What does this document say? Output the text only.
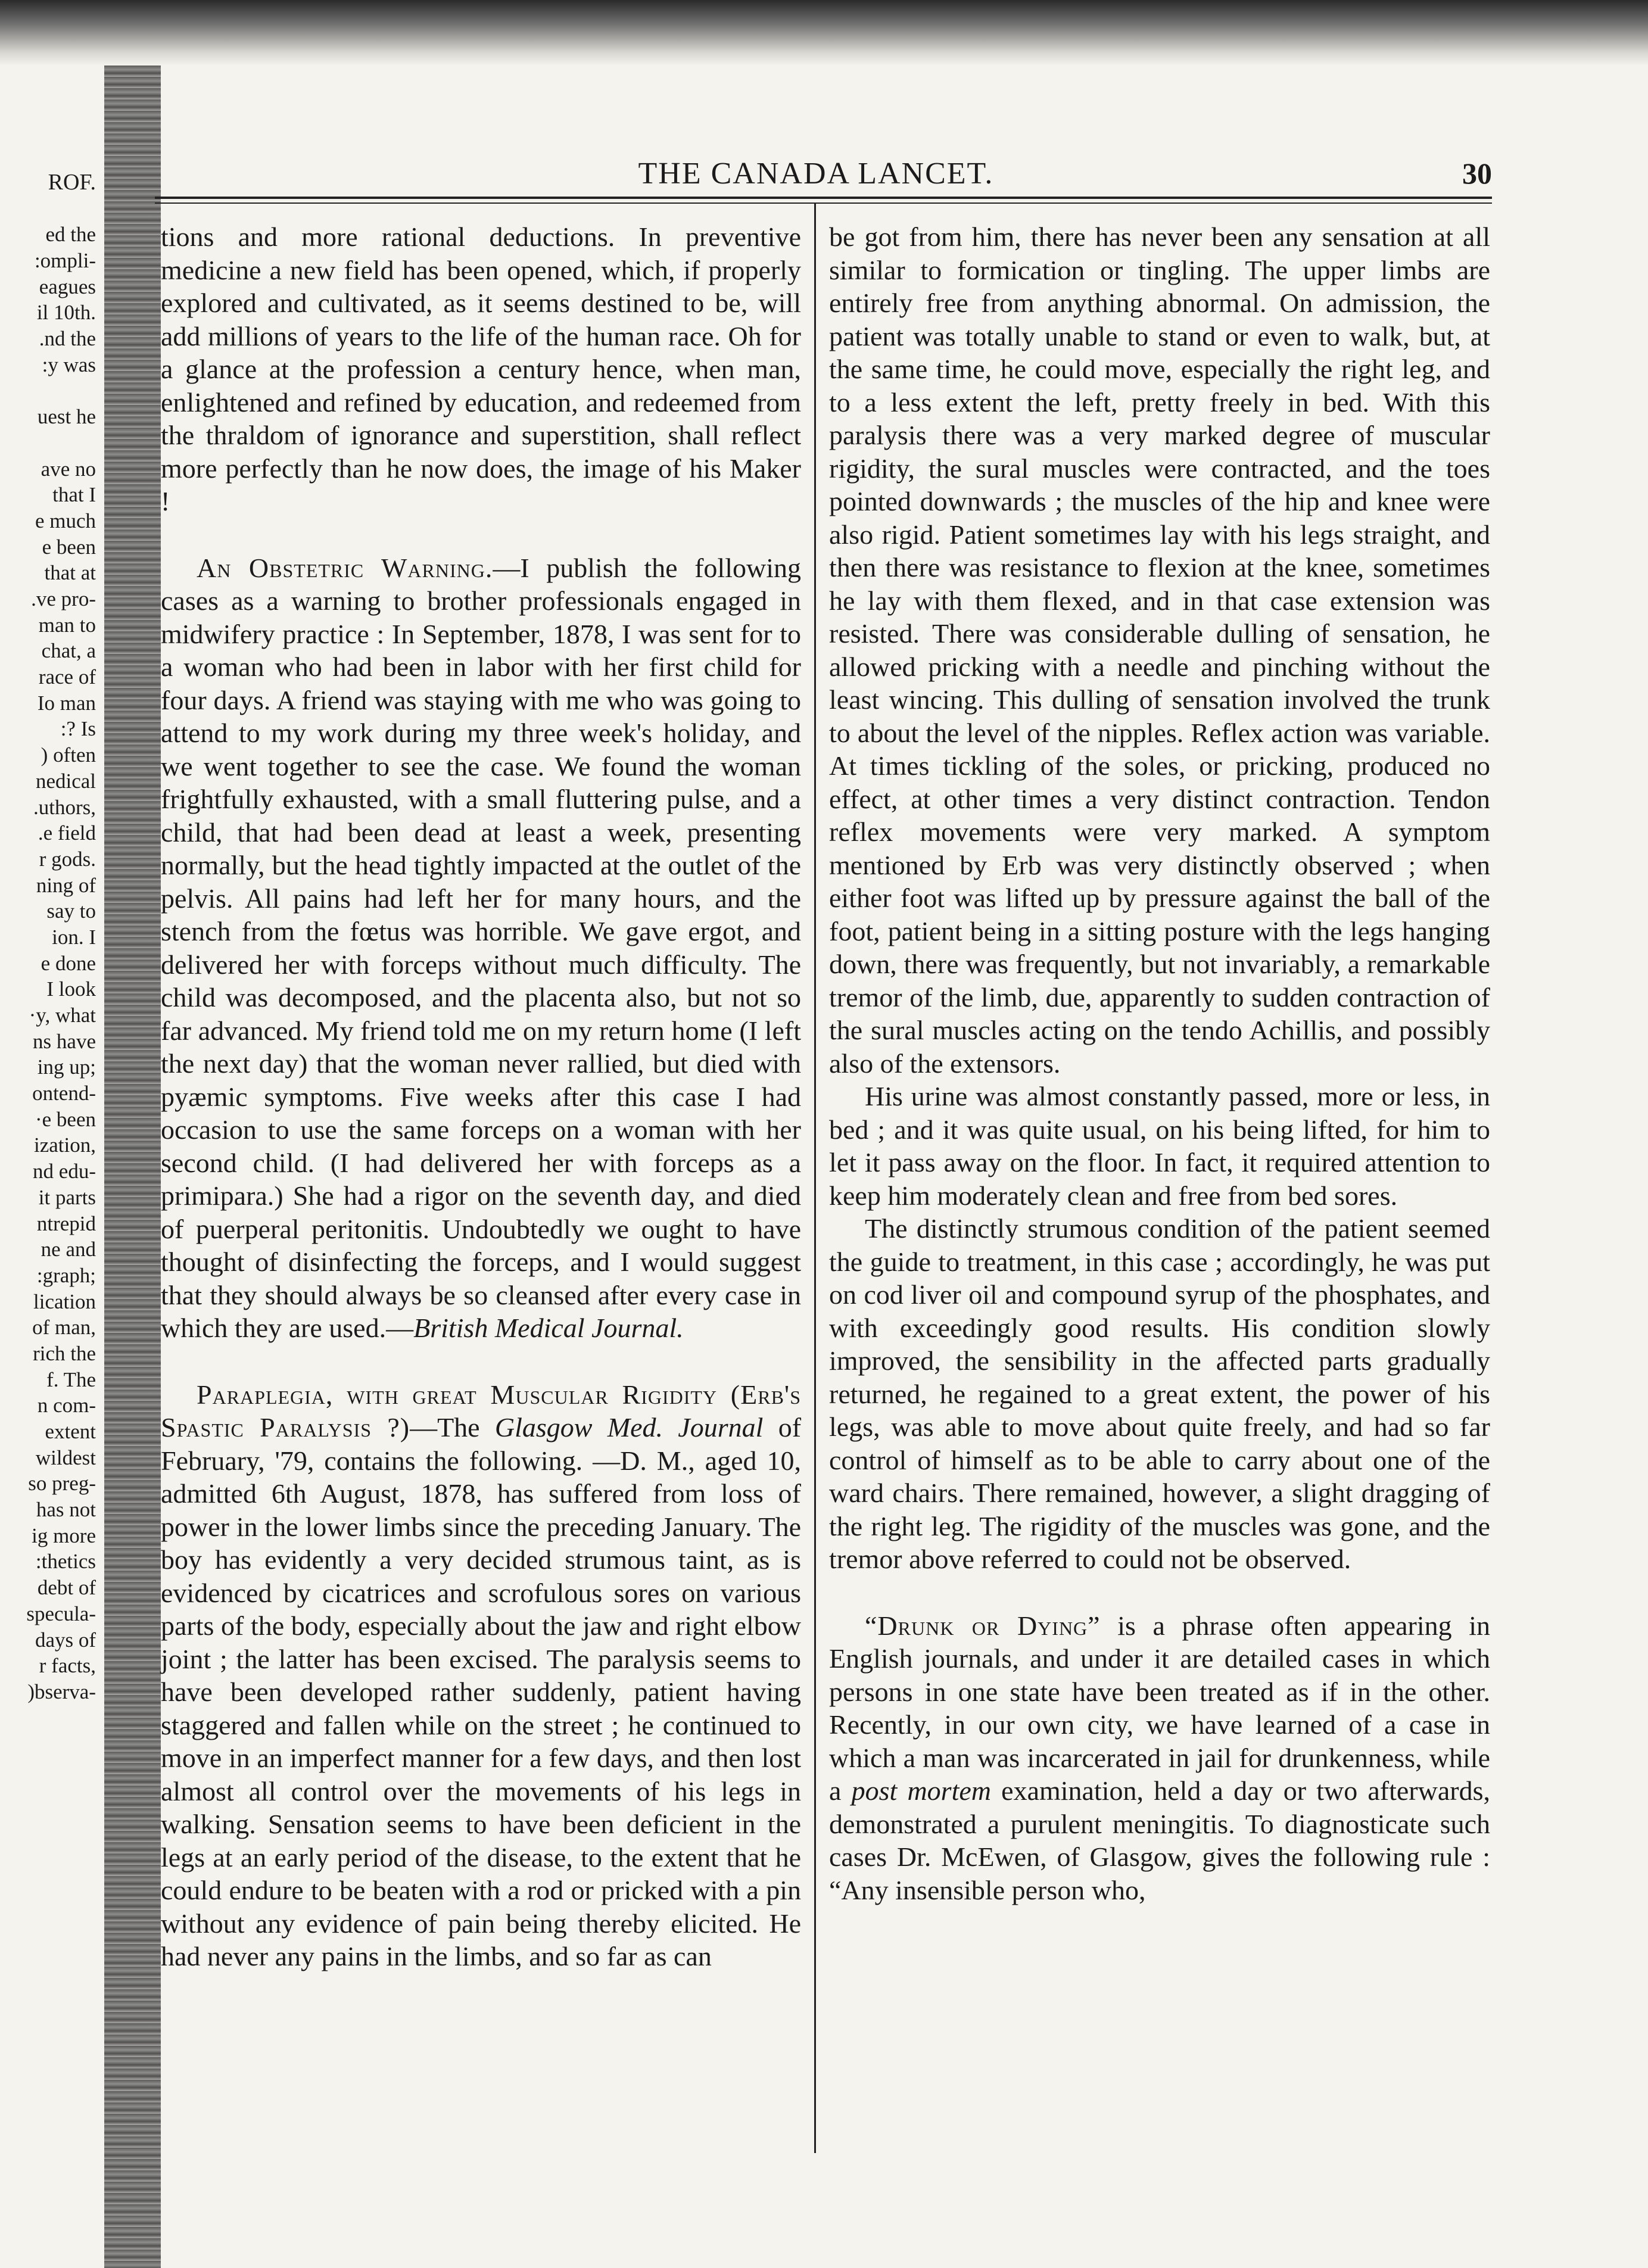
ROF.
ed the
:ompli-
eagues
il 10th.
.nd the
:y was
uest he
ave no
that I
e much
e been
that at
.ve pro-
man to
chat, a
race of
Io man
:? Is
) often
nedical
.uthors,
.e field
r gods.
ning of
say to
ion. I
e done
I look
·y, what
ns have
ing up;
ontend-
·e been
ization,
nd edu-
it parts
ntrepid
ne and
:graph;
lication
of man,
rich the
f. The
n com-
extent
wildest
so preg-
has not
ig more
:thetics
debt of
specula-
days of
r facts,
)bserva-
THE CANADA LANCET.	30

tions and more rational deductions. In preventive medicine a new field has been opened, which, if properly explored and cultivated, as it seems destined to be, will add millions of years to the life of the human race. Oh for a glance at the profession a century hence, when man, enlightened and refined by education, and redeemed from the thraldom of ignorance and superstition, shall reflect more perfectly than he now does, the image of his Maker !

An Obstetric Warning.—I publish the following cases as a warning to brother professionals engaged in midwifery practice : In September, 1878, I was sent for to a woman who had been in labor with her first child for four days. A friend was staying with me who was going to attend to my work during my three week's holiday, and we went together to see the case. We found the woman frightfully exhausted, with a small fluttering pulse, and a child, that had been dead at least a week, presenting normally, but the head tightly impacted at the outlet of the pelvis. All pains had left her for many hours, and the stench from the fœtus was horrible. We gave ergot, and delivered her with forceps without much difficulty. The child was decomposed, and the placenta also, but not so far advanced. My friend told me on my return home (I left the next day) that the woman never rallied, but died with pyæmic symptoms. Five weeks after this case I had occasion to use the same forceps on a woman with her second child. (I had delivered her with forceps as a primipara.) She had a rigor on the seventh day, and died of puerperal peritonitis. Undoubtedly we ought to have thought of disinfecting the forceps, and I would suggest that they should always be so cleansed after every case in which they are used.—British Medical Journal.

Paraplegia, with great Muscular Rigidity (Erb's Spastic Paralysis ?)—The Glasgow Med. Journal of February, '79, contains the following. —D. M., aged 10, admitted 6th August, 1878, has suffered from loss of power in the lower limbs since the preceding January. The boy has evidently a very decided strumous taint, as is evidenced by cicatrices and scrofulous sores on various parts of the body, especially about the jaw and right elbow joint ; the latter has been excised. The paralysis seems to have been developed rather suddenly, patient having staggered and fallen while on the street ; he continued to move in an imperfect manner for a few days, and then lost almost all control over the movements of his legs in walking. Sensation seems to have been deficient in the legs at an early period of the disease, to the extent that he could endure to be beaten with a rod or pricked with a pin without any evidence of pain being thereby elicited. He had never any pains in the limbs, and so far as can

be got from him, there has never been any sensation at all similar to formication or tingling. The upper limbs are entirely free from anything abnormal. On admission, the patient was totally unable to stand or even to walk, but, at the same time, he could move, especially the right leg, and to a less extent the left, pretty freely in bed. With this paralysis there was a very marked degree of muscular rigidity, the sural muscles were contracted, and the toes pointed downwards ; the muscles of the hip and knee were also rigid. Patient sometimes lay with his legs straight, and then there was resistance to flexion at the knee, sometimes he lay with them flexed, and in that case extension was resisted. There was considerable dulling of sensation, he allowed pricking with a needle and pinching without the least wincing. This dulling of sensation involved the trunk to about the level of the nipples. Reflex action was variable. At times tickling of the soles, or pricking, produced no effect, at other times a very distinct contraction. Tendon reflex movements were very marked. A symptom mentioned by Erb was very distinctly observed ; when either foot was lifted up by pressure against the ball of the foot, patient being in a sitting posture with the legs hanging down, there was frequently, but not invariably, a remarkable tremor of the limb, due, apparently to sudden contraction of the sural muscles acting on the tendo Achillis, and possibly also of the extensors.

His urine was almost constantly passed, more or less, in bed ; and it was quite usual, on his being lifted, for him to let it pass away on the floor. In fact, it required attention to keep him moderately clean and free from bed sores.

The distinctly strumous condition of the patient seemed the guide to treatment, in this case ; accordingly, he was put on cod liver oil and compound syrup of the phosphates, and with exceedingly good results. His condition slowly improved, the sensibility in the affected parts gradually returned, he regained to a great extent, the power of his legs, was able to move about quite freely, and had so far control of himself as to be able to carry about one of the ward chairs. There remained, however, a slight dragging of the right leg. The rigidity of the muscles was gone, and the tremor above referred to could not be observed.

“Drunk or Dying” is a phrase often appearing in English journals, and under it are detailed cases in which persons in one state have been treated as if in the other. Recently, in our own city, we have learned of a case in which a man was incarcerated in jail for drunkenness, while a post mortem examination, held a day or two afterwards, demonstrated a purulent meningitis. To diagnosticate such cases Dr. McEwen, of Glasgow, gives the following rule : “Any insensible person who,
